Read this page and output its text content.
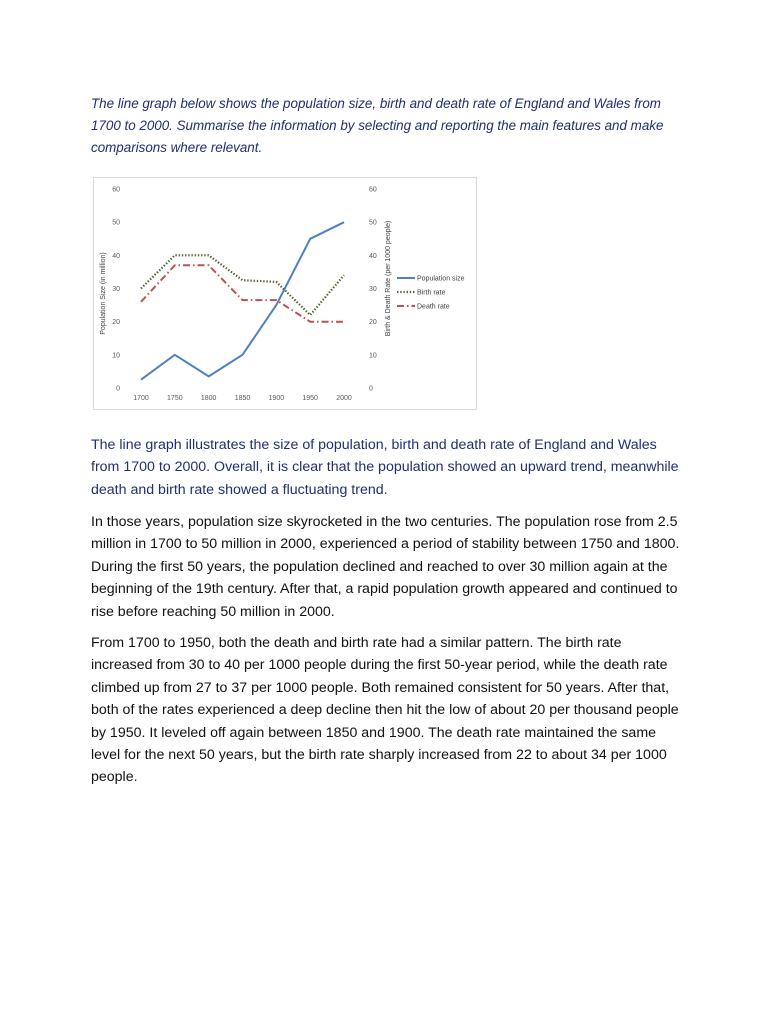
The line graph below shows the population size, birth and death rate of England and Wales from 1700 to 2000. Summarise the information by selecting and reporting the main features and make comparisons where relevant.
0
10
20
30
40
50
60
0
10
20
30
40
50
60
1700	1750	1800	1850	1900	1950	2000
Population Size (in million)	Birth & Death Rate (per 1000 people)	Population size
Birth rate
Death rate
The line graph illustrates the size of population, birth and death rate of England and Wales from 1700 to 2000. Overall, it is clear that the population showed an upward trend, meanwhile death and birth rate showed a fluctuating trend.
In those years, population size skyrocketed in the two centuries. The population rose from 2.5 million in 1700 to 50 million in 2000, experienced a period of stability between 1750 and 1800. During the first 50 years, the population declined and reached to over 30 million again at the beginning of the 19th century. After that, a rapid population growth appeared and continued to rise before reaching 50 million in 2000.
From 1700 to 1950, both the death and birth rate had a similar pattern. The birth rate increased from 30 to 40 per 1000 people during the first 50-year period, while the death rate climbed up from 27 to 37 per 1000 people. Both remained consistent for 50 years. After that, both of the rates experienced a deep decline then hit the low of about 20 per thousand people by 1950. It leveled off again between 1850 and 1900. The death rate maintained the same level for the next 50 years, but the birth rate sharply increased from 22 to about 34 per 1000 people.
